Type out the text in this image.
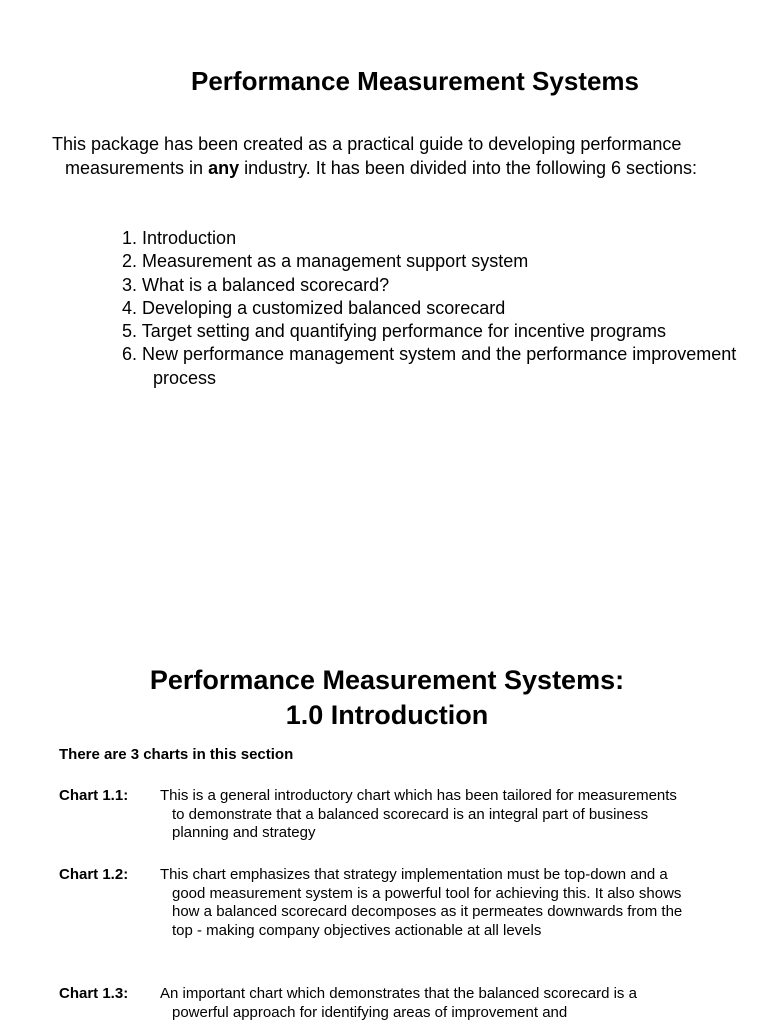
Performance Measurement Systems

This package has been created as a practical guide to developing performance measurements in any industry. It has been divided into the following 6 sections:

1. Introduction
2. Measurement as a management support system
3. What is a balanced scorecard?
4. Developing a customized balanced scorecard
5. Target setting and quantifying performance for incentive programs
6. New performance management system and the performance improvement process
Performance Measurement Systems:
1.0 Introduction

There are 3 charts in this section

Chart 1.1:	This is a general introductory chart which has been tailored for measurements to demonstrate that a balanced scorecard is an integral part of business planning and strategy

Chart 1.2:	This chart emphasizes that strategy implementation must be top-down and a good measurement system is a powerful tool for achieving this. It also shows how a balanced scorecard decomposes as it permeates downwards from the top - making company objectives actionable at all levels

Chart 1.3:	An important chart which demonstrates that the balanced scorecard is a powerful approach for identifying areas of improvement and
